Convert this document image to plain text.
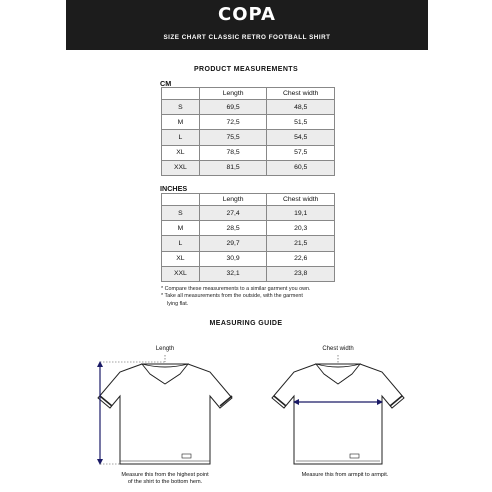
COPA
SIZE CHART CLASSIC RETRO FOOTBALL SHIRT
PRODUCT MEASUREMENTS
CM
	Length	Chest width
S	69,5	48,5
M	72,5	51,5
L	75,5	54,5
XL	78,5	57,5
XXL	81,5	60,5
INCHES
	Length	Chest width
S	27,4	19,1
M	28,5	20,3
L	29,7	21,5
XL	30,9	22,6
XXL	32,1	23,8
* Compare these measurements to a similar garment you own.
* Take all measurements from the outside, with the garment
lying flat.
MEASURING GUIDE
Length	Chest width
Measure this from the highest point
of the shirt to the bottom hem.
Measure this from armpit to armpit.
